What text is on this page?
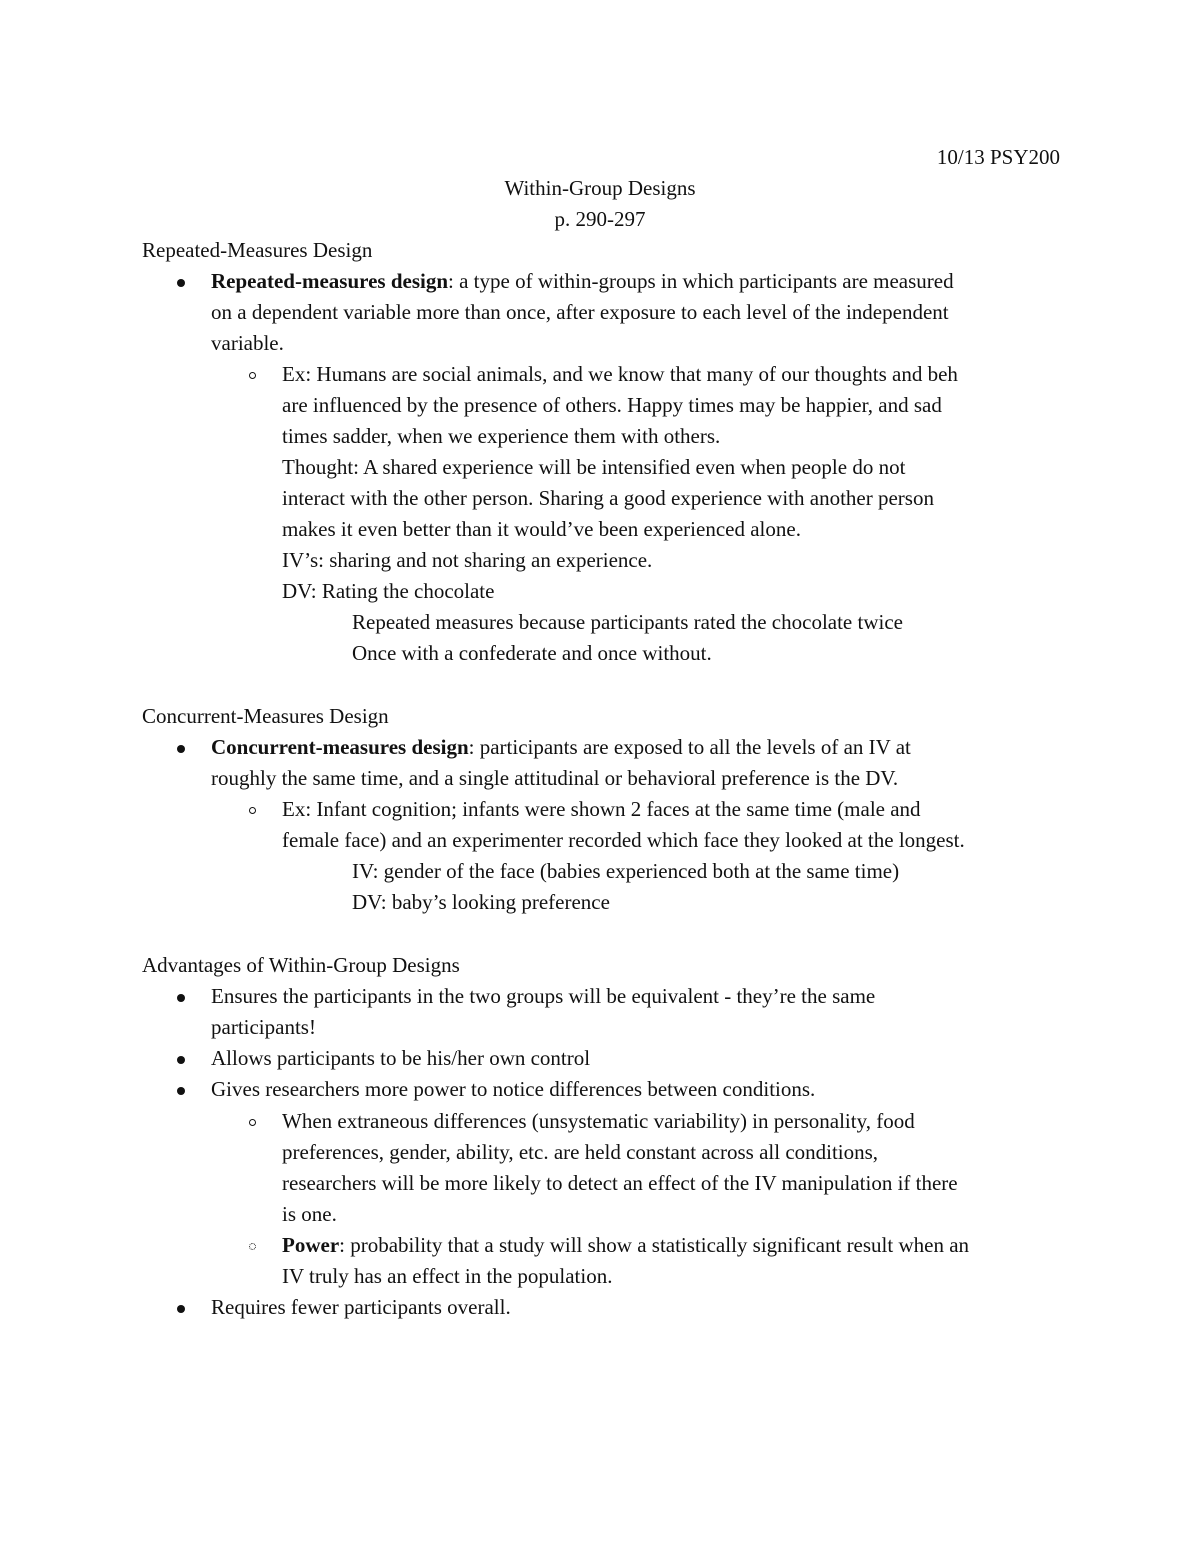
10/13 PSY200
Within-Group Designs
p. 290-297
Repeated-Measures Design
Repeated-measures design: a type of within-groups in which participants are measured
on a dependent variable more than once, after exposure to each level of the independent
variable.
Ex: Humans are social animals, and we know that many of our thoughts and beh
are influenced by the presence of others. Happy times may be happier, and sad
times sadder, when we experience them with others.
Thought: A shared experience will be intensified even when people do not
interact with the other person. Sharing a good experience with another person
makes it even better than it would’ve been experienced alone.
IV’s: sharing and not sharing an experience.
DV: Rating the chocolate
Repeated measures because participants rated the chocolate twice
Once with a confederate and once without.
Concurrent-Measures Design
Concurrent-measures design: participants are exposed to all the levels of an IV at
roughly the same time, and a single attitudinal or behavioral preference is the DV.
Ex: Infant cognition; infants were shown 2 faces at the same time (male and
female face) and an experimenter recorded which face they looked at the longest.
IV: gender of the face (babies experienced both at the same time)
DV: baby’s looking preference
Advantages of Within-Group Designs
Ensures the participants in the two groups will be equivalent - they’re the same
participants!
Allows participants to be his/her own control
Gives researchers more power to notice differences between conditions.
When extraneous differences (unsystematic variability) in personality, food
preferences, gender, ability, etc. are held constant across all conditions,
researchers will be more likely to detect an effect of the IV manipulation if there
is one.
Power: probability that a study will show a statistically significant result when an
IV truly has an effect in the population.
Requires fewer participants overall.
